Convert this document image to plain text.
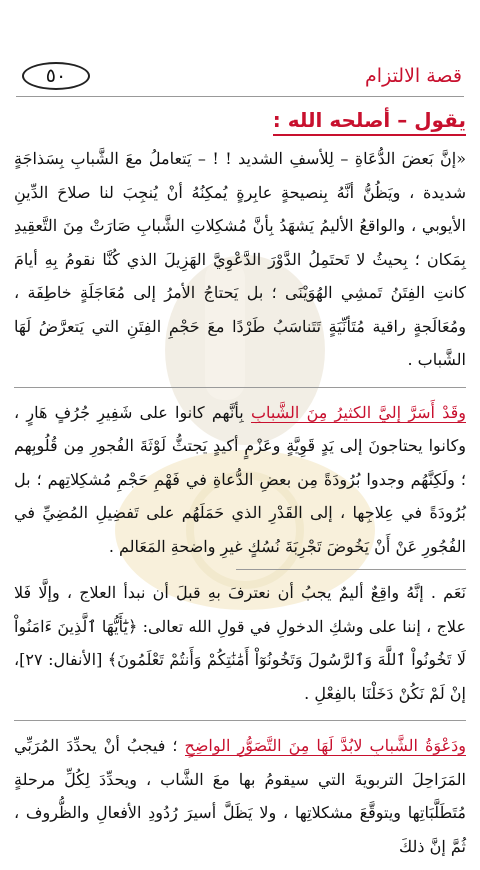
٥٠	قصة الالتزام
يقول – أصلحه الله :

«إنَّ بَعضَ الدُّعَاةِ – لِلأسفِ الشديد ! ! – يَتعاملُ معَ الشَّبابِ بِسَذاجَةٍ شديدة ، ويَظُنُّ أنَّهُ بِنصيحةٍ عابِرةٍ يُمكِنُهُ أنْ يُنجِبَ لنا صلاحَ الدِّينِ الأيوبي ، والواقعُ الأليمُ يَشهَدُ بِأنَّ مُشكِلاتِ الشَّبابِ صَارَتْ مِنَ التَّعقِيدِ بِمَكان ؛ بِحيثُ لا تَحتَمِلُ الدَّوْرَ الدَّعْوِيَّ الهَزِيلَ الذي كُنَّا نقومُ بِهِ أيامَ كانتِ الفِتَنُ تَمشِي الهُوَيْنَى ؛ بل يَحتاجُ الأمرُ إلى مُعَاجَلَةٍ خاطِفَة ، ومُعَالَجةٍ راقية مُتَأنِّيَةٍ تَتَناسَبُ طَرْدًا معَ حَجْمِ الفِتَنِ التي يَتعرَّضُ لَهَا الشَّباب .

وقَدْ أَسَرَّ إليَّ الكثيرُ مِنَ الشَّبابِ بِأنَّهم كانوا على شَفِيرِ جُرُفٍ هَارٍ ، وكانوا يحتاجونَ إلى يَدٍ قَوِيَّةٍ وعَزْمٍ أكيدٍ يَجتثُّ لَوْثَةَ الفُجورِ مِن قُلُوبِهم ؛ ولَكِنَّهُم وجدوا بُرُودَةً مِن بعضِ الدُّعاةِ في فَهْمِ حَجْمِ مُشكِلاتِهم ؛ بل بُرُودَةً في عِلاجِها ، إلى القَدْرِ الذي حَمَلَهُم على تَفضِيلِ المُضِيِّ في الفُجُورِ عَنْ أَنْ يَخُوضَ تَجْرِبَةَ نُسُكٍ غيرِ واضحةِ المَعَالم .

نَعَم . إنَّهُ واقِعٌ أليمٌ يجبُ أن نعترفَ بهِ قبلَ أن نبدأ العلاج ، وإلَّا فَلا علاج ، إننا على وشكِ الدخولِ في قولِ الله تعالى: ﴿يَٰٓأَيُّهَا ٱلَّذِينَ ءَامَنُواْ لَا تَخُونُواْ ٱللَّهَ وَٱلرَّسُولَ وَتَخُونُوٓاْ أَمَٰنَٰتِكُمْ وَأَنتُمْ تَعْلَمُونَ﴾ [الأنفال: ٢٧]، إنْ لَمْ نَكُنْ دَخَلْنَا بالفِعْلِ .

ودَعْوَةُ الشَّبابِ لابُدَّ لَهَا مِنَ التَّصَوُّرِ الواضِحِ ؛ فيجبُ أنْ يحدِّدَ المُرَبِّي المَرَاحِلَ التربويةَ التي سيقومُ بها معَ الشَّاب ، ويحدِّدَ لِكُلِّ مرحلةٍ مُتَطَلَّبَاتِها ويتوقَّعَ مشكلاتِها ، ولا يَظَلَّ أسيرَ رُدُودِ الأفعالِ والظُّروف ، ثُمَّ إنَّ ذلكَ
